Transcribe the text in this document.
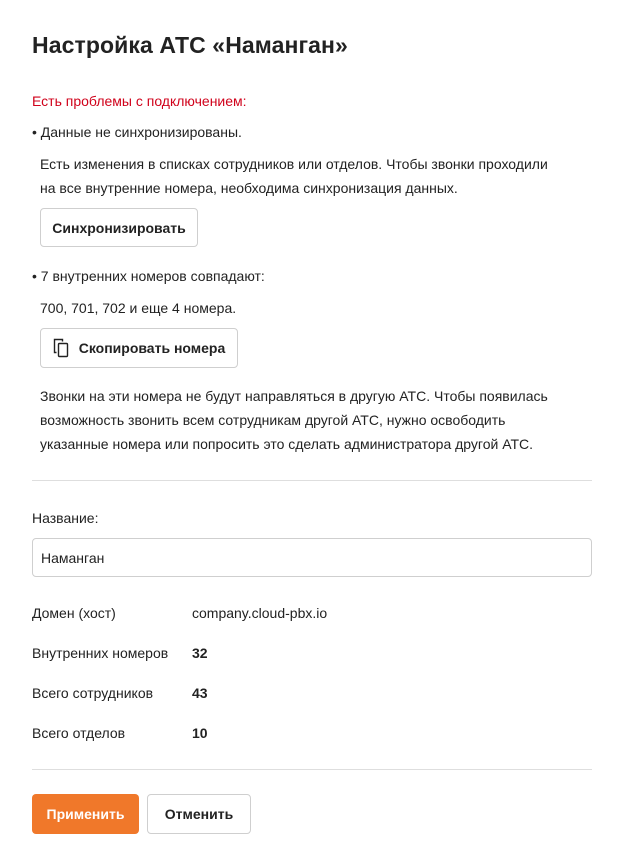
Настройка АТС «Наманган»
Есть проблемы с подключением:
• Данные не синхронизированы.
Есть изменения в списках сотрудников или отделов. Чтобы звонки проходили
на все внутренние номера, необходима синхронизация данных.
Синхронизировать
• 7 внутренних номеров совпадают:
700, 701, 702 и еще 4 номера.
Скопировать номера
Звонки на эти номера не будут направляться в другую АТС. Чтобы появилась
возможность звонить всем сотрудникам другой АТС, нужно освободить
указанные номера или попросить это сделать администратора другой АТС.
Название:
Наманган
Домен (хост)	company.cloud-pbx.io
Внутренних номеров 32
Всего сотрудников	43
Всего отделов	10
Применить	Отменить
